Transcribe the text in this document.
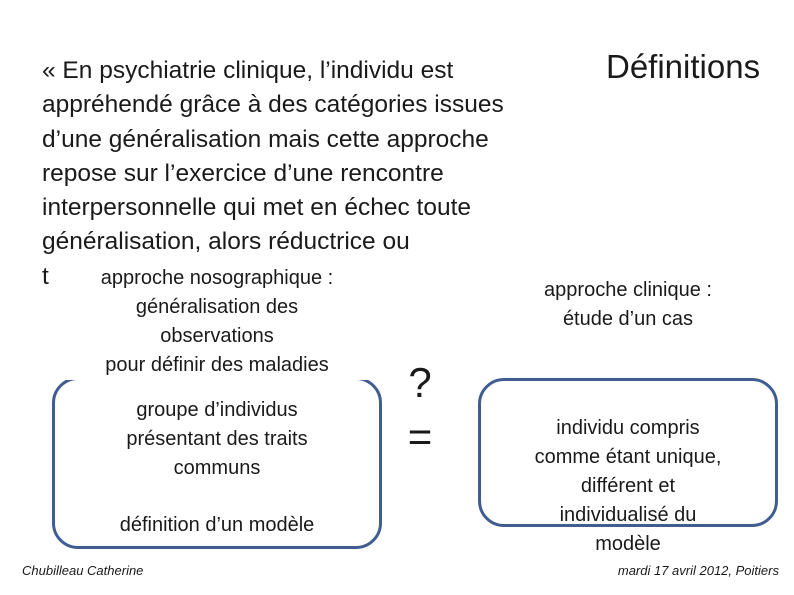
Définitions
« En psychiatrie clinique, l’individu est
appréhendé grâce à des catégories issues
d’une généralisation mais cette approche
repose sur l’exercice d’une rencontre
interpersonnelle qui met en échec toute
généralisation, alors réductrice ou
t	approche nosographique :
généralisation des
observations
pour définir des maladies
groupe d’individus
présentant des traits
communs
définition d’un modèle
?
=
approche clinique :
étude d’un cas
individu compris
comme étant unique,
différent et
individualisé du
modèle
Chubilleau Catherine	mardi 17 avril 2012, Poitiers
